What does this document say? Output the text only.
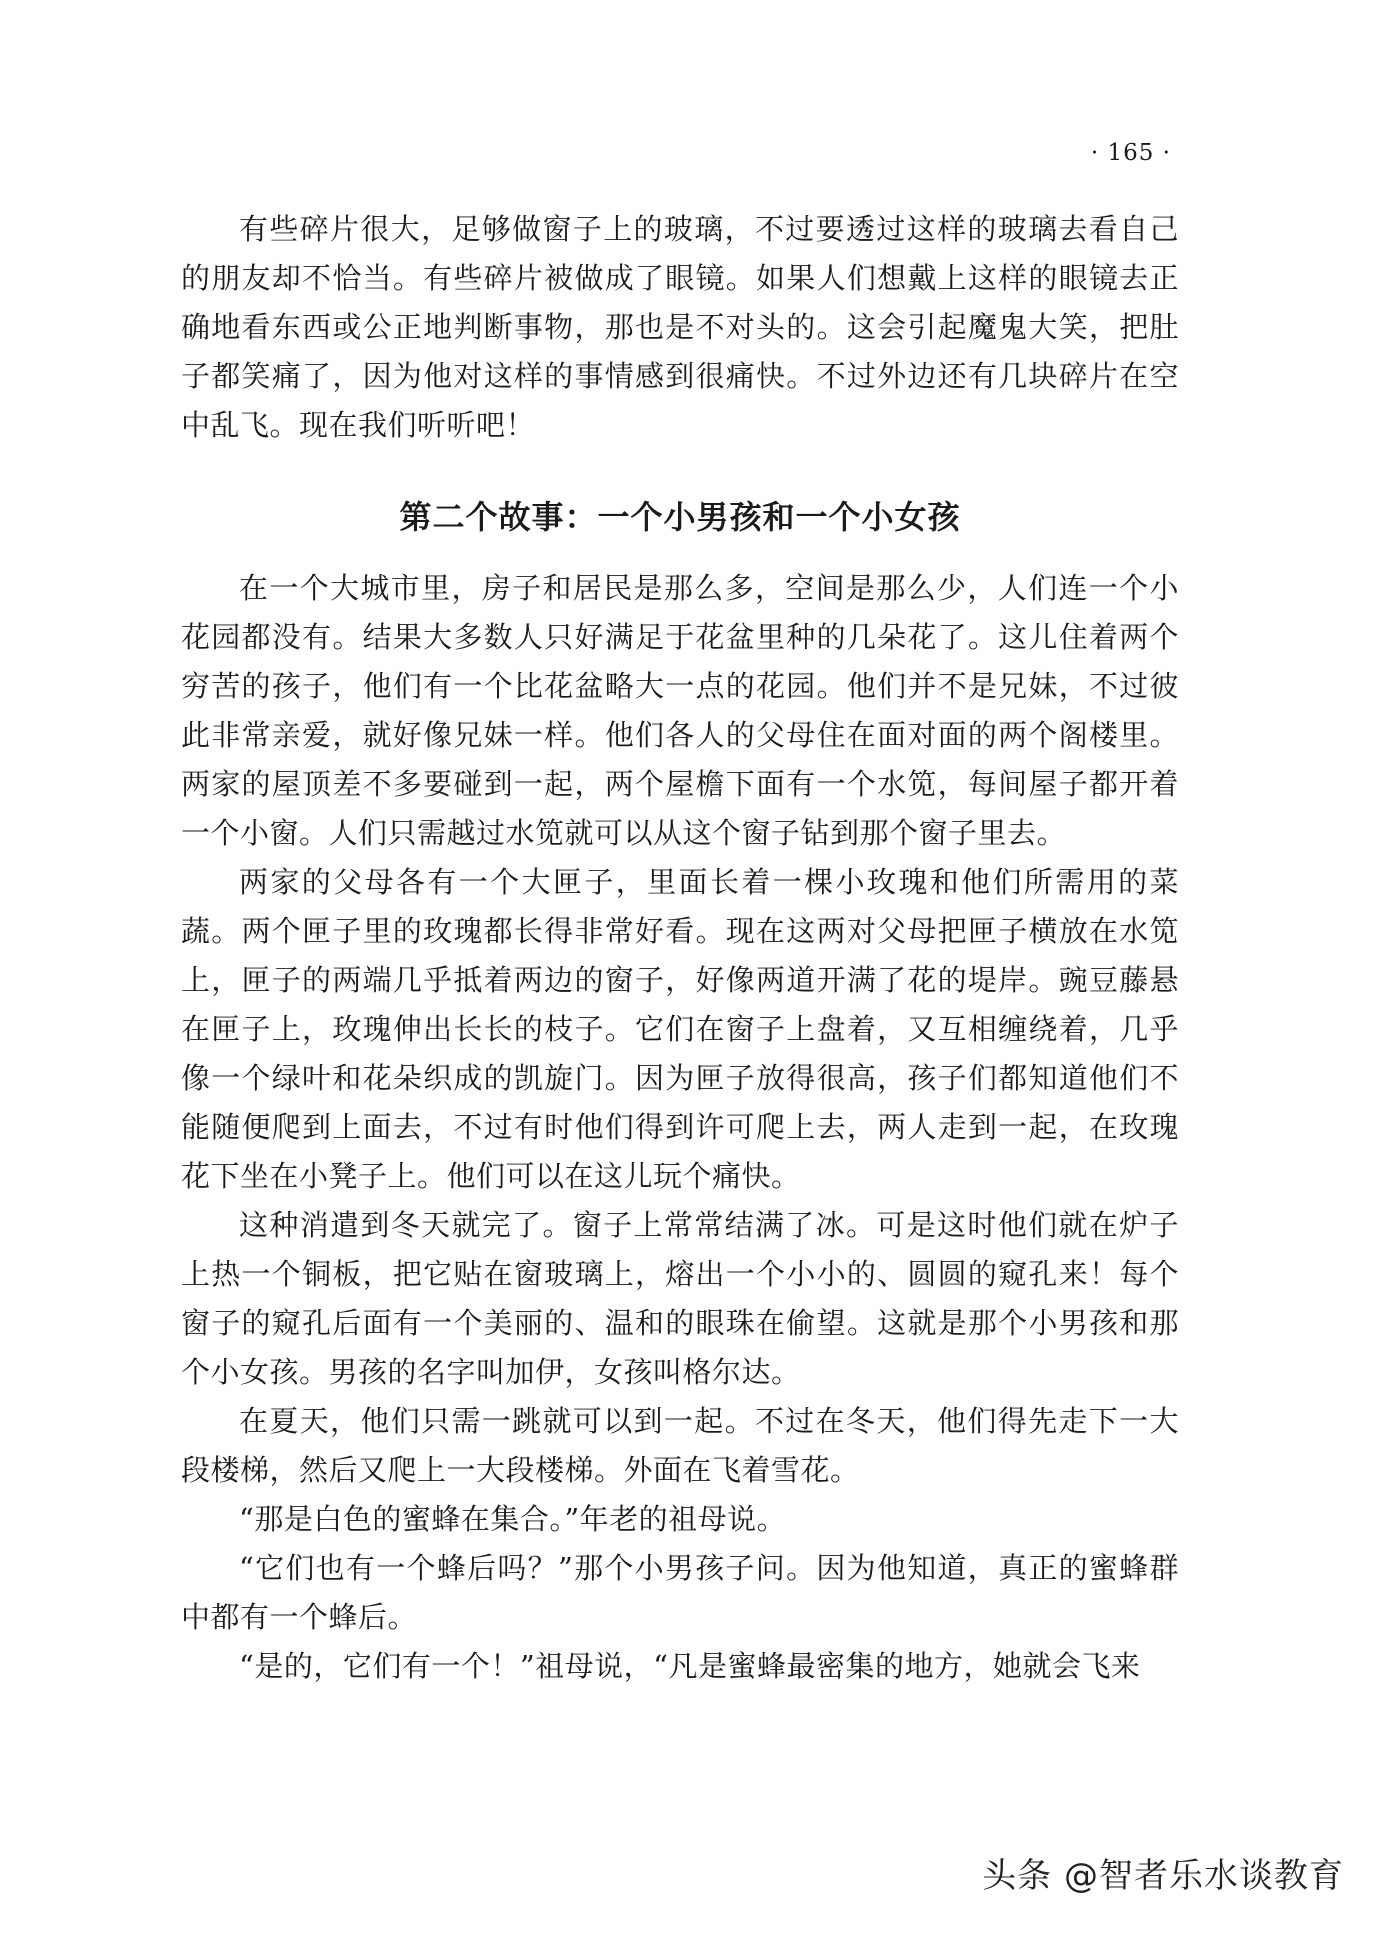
· 165 ·

有些碎片很大，足够做窗子上的玻璃，不过要透过这样的玻璃去看自己的朋友却不恰当。有些碎片被做成了眼镜。如果人们想戴上这样的眼镜去正确地看东西或公正地判断事物，那也是不对头的。这会引起魔鬼大笑，把肚子都笑痛了，因为他对这样的事情感到很痛快。不过外边还有几块碎片在空中乱飞。现在我们听听吧！

第二个故事：一个小男孩和一个小女孩

在一个大城市里，房子和居民是那么多，空间是那么少，人们连一个小花园都没有。结果大多数人只好满足于花盆里种的几朵花了。这儿住着两个穷苦的孩子，他们有一个比花盆略大一点的花园。他们并不是兄妹，不过彼此非常亲爱，就好像兄妹一样。他们各人的父母住在面对面的两个阁楼里。两家的屋顶差不多要碰到一起，两个屋檐下面有一个水笕，每间屋子都开着一个小窗。人们只需越过水笕就可以从这个窗子钻到那个窗子里去。

两家的父母各有一个大匣子，里面长着一棵小玫瑰和他们所需用的菜蔬。两个匣子里的玫瑰都长得非常好看。现在这两对父母把匣子横放在水笕上，匣子的两端几乎抵着两边的窗子，好像两道开满了花的堤岸。豌豆藤悬在匣子上，玫瑰伸出长长的枝子。它们在窗子上盘着，又互相缠绕着，几乎像一个绿叶和花朵织成的凯旋门。因为匣子放得很高，孩子们都知道他们不能随便爬到上面去，不过有时他们得到许可爬上去，两人走到一起，在玫瑰花下坐在小凳子上。他们可以在这儿玩个痛快。

这种消遣到冬天就完了。窗子上常常结满了冰。可是这时他们就在炉子上热一个铜板，把它贴在窗玻璃上，熔出一个小小的、圆圆的窥孔来！每个窗子的窥孔后面有一个美丽的、温和的眼珠在偷望。这就是那个小男孩和那个小女孩。男孩的名字叫加伊，女孩叫格尔达。

在夏天，他们只需一跳就可以到一起。不过在冬天，他们得先走下一大段楼梯，然后又爬上一大段楼梯。外面在飞着雪花。

“那是白色的蜜蜂在集合。”年老的祖母说。

“它们也有一个蜂后吗？”那个小男孩子问。因为他知道，真正的蜜蜂群中都有一个蜂后。

“是的，它们有一个！”祖母说，“凡是蜜蜂最密集的地方，她就会飞来

头条 @智者乐水谈教育
